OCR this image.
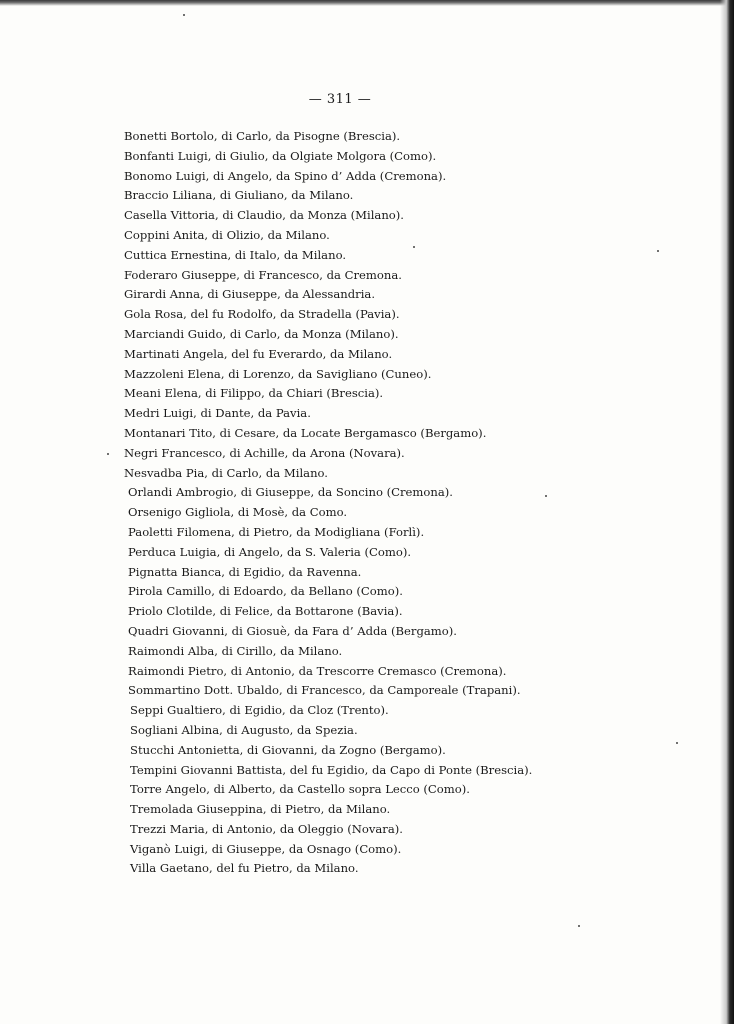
— 311 —
Bonetti Bortolo, di Carlo, da Pisogne (Brescia).
Bonfanti Luigi, di Giulio, da Olgiate Molgora (Como).
Bonomo Luigi, di Angelo, da Spino d’ Adda (Cremona).
Braccio Liliana, di Giuliano, da Milano.
Casella Vittoria, di Claudio, da Monza (Milano).
Coppini Anita, di Olizio, da Milano.
Cuttica Ernestina, di Italo, da Milano.
Foderaro Giuseppe, di Francesco, da Cremona.
Girardi Anna, di Giuseppe, da Alessandria.
Gola Rosa, del fu Rodolfo, da Stradella (Pavia).
Marciandi Guido, di Carlo, da Monza (Milano).
Martinati Angela, del fu Everardo, da Milano.
Mazzoleni Elena, di Lorenzo, da Savigliano (Cuneo).
Meani Elena, di Filippo, da Chiari (Brescia).
Medri Luigi, di Dante, da Pavia.
Montanari Tito, di Cesare, da Locate Bergamasco (Bergamo).
Negri Francesco, di Achille, da Arona (Novara).
Nesvadba Pia, di Carlo, da Milano.
Orlandi Ambrogio, di Giuseppe, da Soncino (Cremona).
Orsenigo Gigliola, di Mosè, da Como.
Paoletti Filomena, di Pietro, da Modigliana (Forlì).
Perduca Luigia, di Angelo, da S. Valeria (Como).
Pignatta Bianca, di Egidio, da Ravenna.
Pirola Camillo, di Edoardo, da Bellano (Como).
Priolo Clotilde, di Felice, da Bottarone (Bavia).
Quadri Giovanni, di Giosuè, da Fara d’ Adda (Bergamo).
Raimondi Alba, di Cirillo, da Milano.
Raimondi Pietro, di Antonio, da Trescorre Cremasco (Cremona).
Sommartino Dott. Ubaldo, di Francesco, da Camporeale (Trapani).
Seppi Gualtiero, di Egidio, da Cloz (Trento).
Sogliani Albina, di Augusto, da Spezia.
Stucchi Antonietta, di Giovanni, da Zogno (Bergamo).
Tempini Giovanni Battista, del fu Egidio, da Capo di Ponte (Brescia).
Torre Angelo, di Alberto, da Castello sopra Lecco (Como).
Tremolada Giuseppina, di Pietro, da Milano.
Trezzi Maria, di Antonio, da Oleggio (Novara).
Viganò Luigi, di Giuseppe, da Osnago (Como).
Villa Gaetano, del fu Pietro, da Milano.
